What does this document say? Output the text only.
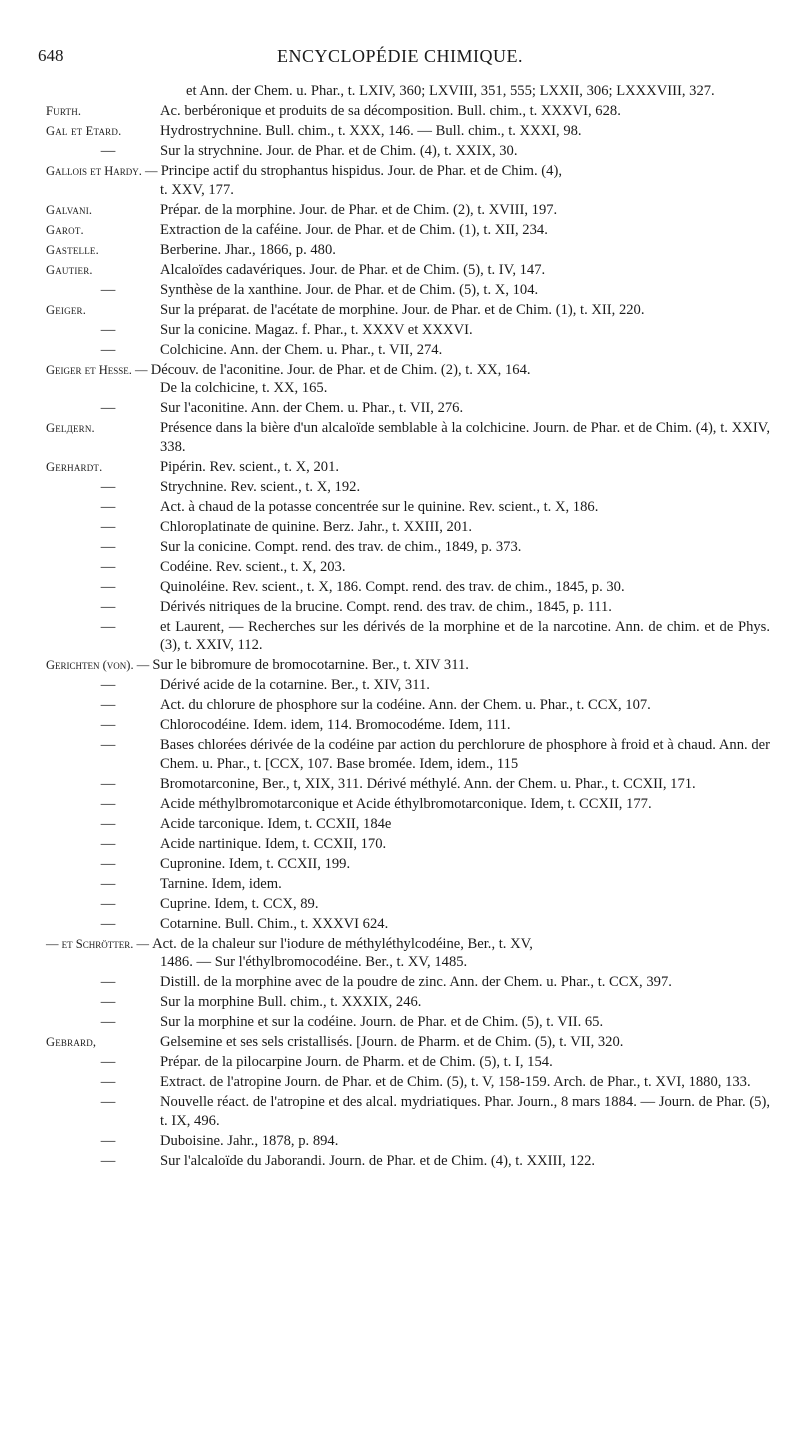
648	ENCYCLOPÉDIE CHIMIQUE.
et Ann. der Chem. u. Phar., t. LXIV, 360; LXVIII, 351, 555; LXXII, 306; LXXXVIII, 327.
Furth.	Ac. berbéronique et produits de sa décomposition. Bull. chim., t. XXXVI, 628.
Gal et Etard.	Hydrostrychnine. Bull. chim., t. XXX, 146. — Bull. chim., t. XXXI, 98.
—	Sur la strychnine. Jour. de Phar. et de Chim. (4), t. XXIX, 30.
Gallois et Hardy. — Principe actif du strophantus hispidus. Jour. de Phar. et de Chim. (4),
t. XXV, 177.
Galvani.	Prépar. de la morphine. Jour. de Phar. et de Chim. (2), t. XVIII, 197.
Garot.	Extraction de la caféine. Jour. de Phar. et de Chim. (1), t. XII, 234.
Gastelle.	Berberine. Jhar., 1866, p. 480.
Gautier.	Alcaloïdes cadavériques. Jour. de Phar. et de Chim. (5), t. IV, 147.
—	Synthèse de la xanthine. Jour. de Phar. et de Chim. (5), t. X, 104.
Geiger.	Sur la préparat. de l'acétate de morphine. Jour. de Phar. et de Chim. (1), t. XII, 220.
—	Sur la conicine. Magaz. f. Phar., t. XXXV et XXXVI.
—	Colchicine. Ann. der Chem. u. Phar., t. VII, 274.
Geiger et Hesse. — Découv. de l'aconitine. Jour. de Phar. et de Chim. (2), t. XX, 164.
De la colchicine, t. XX, 165.
—	Sur l'aconitine. Ann. der Chem. u. Phar., t. VII, 276.
Gelдern.	Présence dans la bière d'un alcaloïde semblable à la colchicine. Journ. de Phar. et de Chim. (4), t. XXIV, 338.
Gerhardt.	Pipérin. Rev. scient., t. X, 201.
—	Strychnine. Rev. scient., t. X, 192.
—	Act. à chaud de la potasse concentrée sur le quinine. Rev. scient., t. X, 186.
—	Chloroplatinate de quinine. Berz. Jahr., t. XXIII, 201.
—	Sur la conicine. Compt. rend. des trav. de chim., 1849, p. 373.
—	Codéine. Rev. scient., t. X, 203.
—	Quinoléine. Rev. scient., t. X, 186. Compt. rend. des trav. de chim., 1845, p. 30.
—	Dérivés nitriques de la brucine. Compt. rend. des trav. de chim., 1845, p. 111.
—	et Laurent, — Recherches sur les dérivés de la morphine et de la narcotine. Ann. de chim. et de Phys. (3), t. XXIV, 112.
Gerichten (von). — Sur le bibromure de bromocotarnine. Ber., t. XIV 311.
—	Dérivé acide de la cotarnine. Ber., t. XIV, 311.
—	Act. du chlorure de phosphore sur la codéine. Ann. der Chem. u. Phar., t. CCX, 107.
—	Chlorocodéine. Idem. idem, 114. Bromocodéme. Idem, 111.
—	Bases chlorées dérivée de la codéine par action du perchlorure de phosphore à froid et à chaud. Ann. der Chem. u. Phar., t. [CCX, 107. Base bromée. Idem, idem., 115
—	Bromotarconine, Ber., t, XIX, 311. Dérivé méthylé. Ann. der Chem. u. Phar., t. CCXII, 171.
—	Acide méthylbromotarconique et Acide éthylbromotarconique. Idem, t. CCXII, 177.
—	Acide tarconique. Idem, t. CCXII, 184e
—	Acide nartinique. Idem, t. CCXII, 170.
—	Cupronine. Idem, t. CCXII, 199.
—	Tarnine. Idem, idem.
—	Cuprine. Idem, t. CCX, 89.
—	Cotarnine. Bull. Chim., t. XXXVI 624.
— et Schrötter. — Act. de la chaleur sur l'iodure de méthyléthylcodéine, Ber., t. XV,
1486. — Sur l'éthylbromocodéine. Ber., t. XV, 1485.
—	Distill. de la morphine avec de la poudre de zinc. Ann. der Chem. u. Phar., t. CCX, 397.
—	Sur la morphine Bull. chim., t. XXXIX, 246.
—	Sur la morphine et sur la codéine. Journ. de Phar. et de Chim. (5), t. VII. 65.
Gebrard,	Gelsemine et ses sels cristallisés. [Journ. de Pharm. et de Chim. (5), t. VII, 320.
—	Prépar. de la pilocarpine Journ. de Pharm. et de Chim. (5), t. I, 154.
—	Extract. de l'atropine Journ. de Phar. et de Chim. (5), t. V, 158-159. Arch. de Phar., t. XVI, 1880, 133.
—	Nouvelle réact. de l'atropine et des alcal. mydriatiques. Phar. Journ., 8 mars 1884. — Journ. de Phar. (5), t. IX, 496.
—	Duboisine. Jahr., 1878, p. 894.
—	Sur l'alcaloïde du Jaborandi. Journ. de Phar. et de Chim. (4), t. XXIII, 122.
